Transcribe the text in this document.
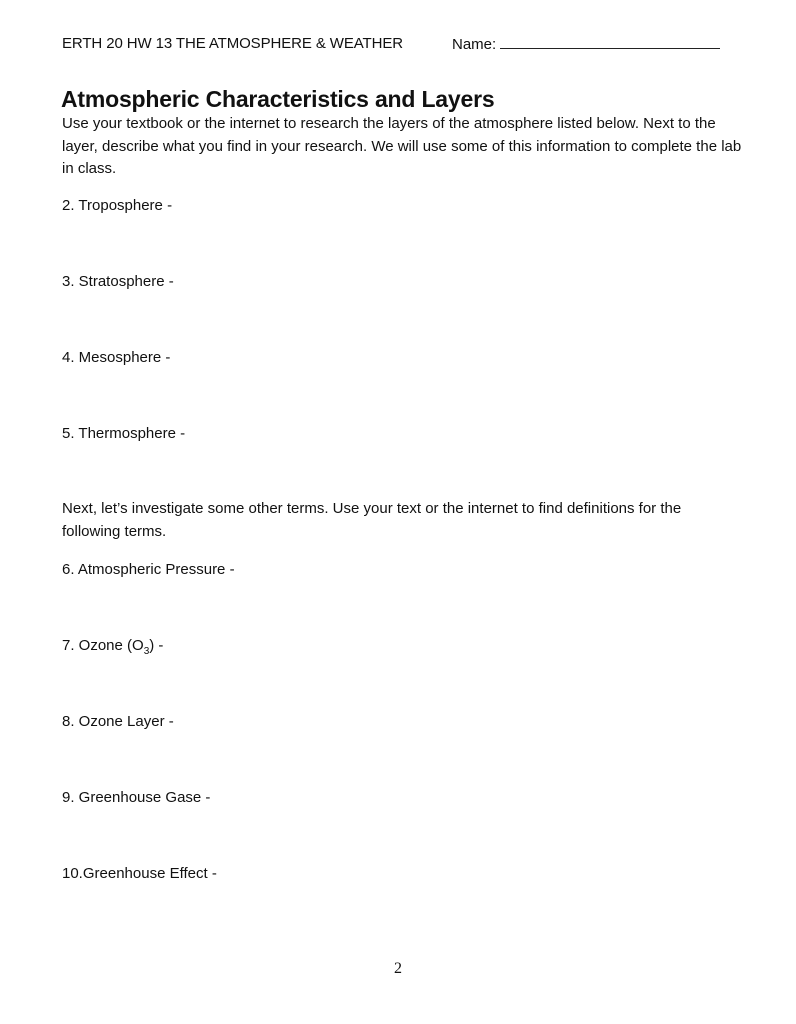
ERTH 20 HW 13 THE ATMOSPHERE & WEATHER	Name:
Atmospheric Characteristics and Layers

Use your textbook or the internet to research the layers of the atmosphere listed below. Next to the layer, describe what you find in your research. We will use some of this information to complete the lab in class.

2. Troposphere -

3. Stratosphere -

4. Mesosphere -

5. Thermosphere -

Next, let’s investigate some other terms. Use your text or the internet to find definitions for the following terms.

6. Atmospheric Pressure -

7. Ozone $(O_3)$ -

8. Ozone Layer -

9. Greenhouse Gase -

10.Greenhouse Effect -

2
